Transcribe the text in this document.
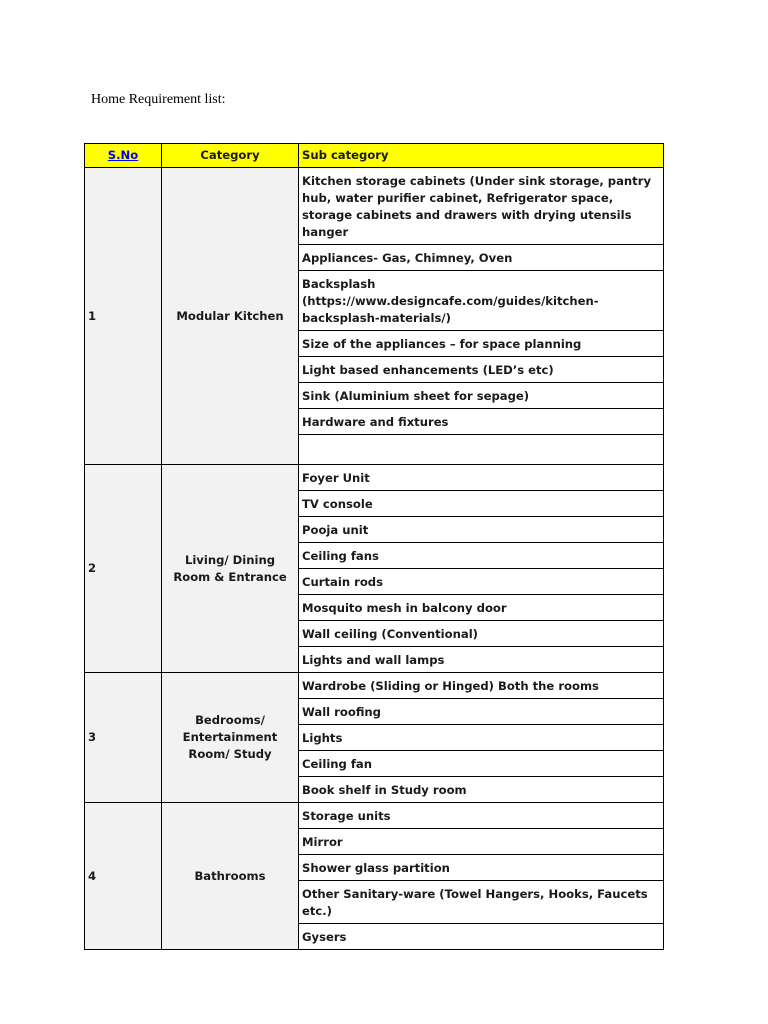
Home Requirement list:
S.No	Category	Sub category
1	Modular Kitchen	Kitchen storage cabinets (Under sink storage, pantry hub, water purifier cabinet, Refrigerator space, storage cabinets and drawers with drying utensils hanger
		Appliances- Gas, Chimney, Oven
		Backsplash (https://www.designcafe.com/guides/kitchen-backsplash-materials/)
		Size of the appliances – for space planning
		Light based enhancements (LED’s etc)
		Sink (Aluminium sheet for sepage)
		Hardware and fixtures

2	Living/ Dining Room & Entrance	Foyer Unit
		TV console
		Pooja unit
		Ceiling fans
		Curtain rods
		Mosquito mesh in balcony door
		Wall ceiling (Conventional)
		Lights and wall lamps
3	Bedrooms/ Entertainment Room/ Study	Wardrobe (Sliding or Hinged) Both the rooms
		Wall roofing
		Lights
		Ceiling fan
		Book shelf in Study room
4	Bathrooms	Storage units
		Mirror
		Shower glass partition
		Other Sanitary-ware (Towel Hangers, Hooks, Faucets etc.)
		Gysers
